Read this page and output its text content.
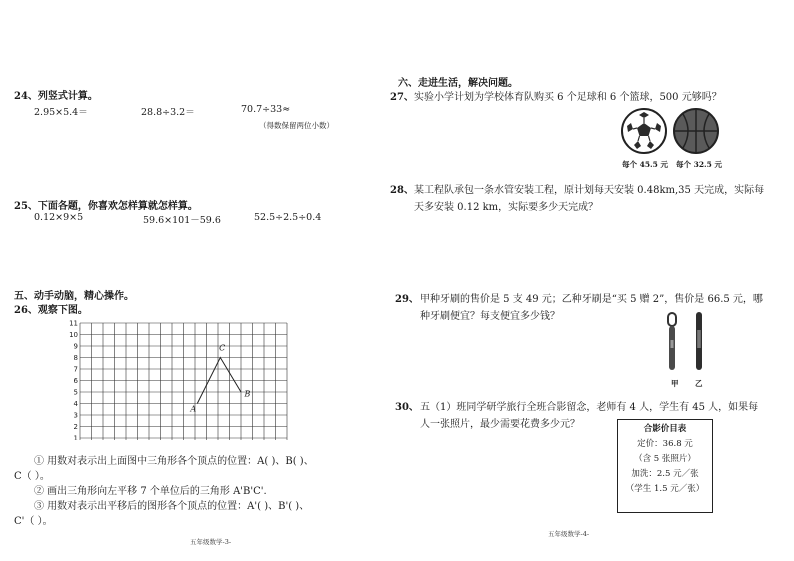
24、列竖式计算。
2.95×5.4＝	28.8÷3.2＝	70.7÷33≈
（得数保留两位小数）
25、下面各题，你喜欢怎样算就怎样算。
0.12×9×5	59.6×101－59.6	52.5÷2.5÷0.4
五、动手动脑，精心操作。
26、观察下图。
11
10
9
8
7
6
5
4
3
2
1
A
B
C
① 用数对表示出上面图中三角形各个顶点的位置：A( )、B( )、
C（ ）。
② 画出三角形向左平移 7 个单位后的三角形 A'B'C'.
③ 用数对表示出平移后的图形各个顶点的位置：A'( )、B'( )、
C'（ ）。
五年级数学-3-
六、走进生活，解决问题。
27、 实验小学计划为学校体育队购买 6 个足球和 6 个篮球，500 元够吗？
每个 45.5 元 每个 32.5 元
28、 某工程队承包一条水管安装工程，原计划每天安装 0.48km,35 天完成，实际每
天多安装 0.12 km，实际要多少天完成？
29、 甲种牙刷的售价是 5 支 49 元；乙种牙刷是“买 5 赠 2”，售价是 66.5 元，哪
种牙刷便宜？每支便宜多少钱？
甲 乙
30、 五（1）班同学研学旅行全班合影留念，老师有 4 人，学生有 45 人，如果每
人一张照片，最少需要花费多少元？	合影价目表
定价：36.8 元
（含 5 张照片）
加洗：2.5 元／张
（学生 1.5 元／张）
五年级数学-4-
